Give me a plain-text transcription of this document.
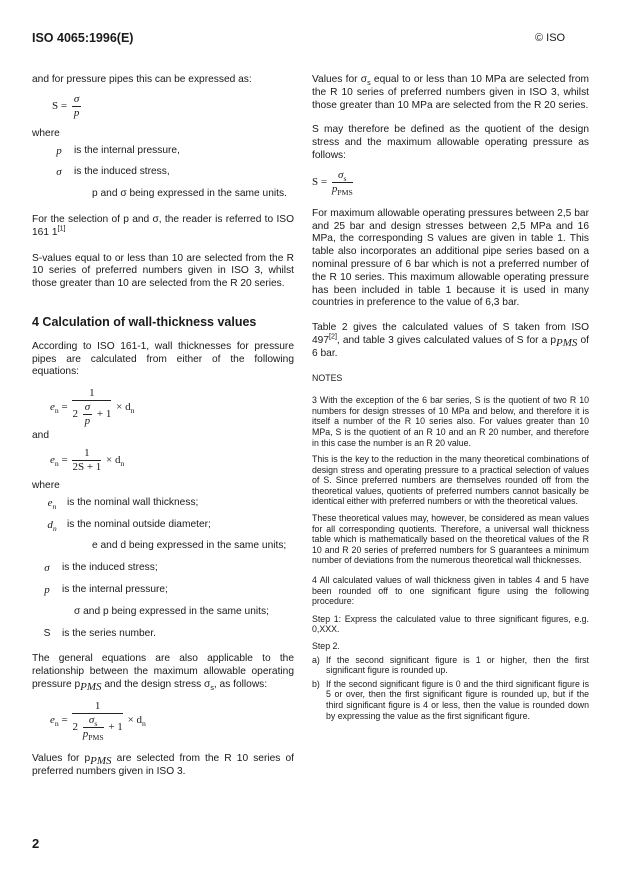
ISO 4065:1996(E)	© ISO

and for pressure pipes this can be expressed as:

$S = \frac{\sigma}{p}$

where

p	is the internal pressure,
σ	is the induced stress,

p and σ being expressed in the same units.

For the selection of p and σ, the reader is referred to ISO 161 1[1]

S-values equal to or less than 10 are selected from the R 10 series of preferred numbers given in ISO 3, whilst those greater than 10 are selected from the R 20 series.

4 Calculation of wall-thickness values

According to ISO 161-1, wall thicknesses for pressure pipes are calculated from either of the following equations:

$e_n = \frac{1}{2 \frac{\sigma}{p} + 1} \times d_n$

and

$e_n = \frac{1}{2S + 1} \times d_n$

where

$e_n$	is the nominal wall thickness;
$d_n$	is the nominal outside diameter;

e and d being expressed in the same units;

σ	is the induced stress;
p	is the internal pressure;

σ and p being expressed in the same units;

S	is the series number.

The general equations are also applicable to the relationship between the maximum allowable operating pressure $p_{PMS}$ and the design stress $\sigma_s$, as follows:

$e_n = \frac{1}{2 \frac{\sigma_s}{p_{PMS}} + 1} \times d_n$

Values for $p_{PMS}$ are selected from the R 10 series of preferred numbers given in ISO 3.

Values for $\sigma_s$ equal to or less than 10 MPa are selected from the R 10 series of preferred numbers given in ISO 3, whilst those greater than 10 MPa are selected from the R 20 series.

S may therefore be defined as the quotient of the design stress and the maximum allowable operating pressure as follows:

$S = \frac{\sigma_s}{p_{PMS}}$

For maximum allowable operating pressures between 2,5 bar and 25 bar and design stresses between 2,5 MPa and 16 MPa, the corresponding S values are given in table 1. This table also incorporates an additional pipe series based on a nominal pressure of 6 bar which is not a preferred number of the R 10 series. This maximum allowable operating pressure has been included in table 1 because it is used in many countries in preference to the value of 6,3 bar.

Table 2 gives the calculated values of S taken from ISO 497[2], and table 3 gives calculated values of S for a $p_{PMS}$ of 6 bar.

NOTES

3 With the exception of the 6 bar series, S is the quotient of two R 10 numbers for design stresses of 10 MPa and below, and therefore it is itself a number of the R 10 series also. For values greater than 10 MPa, S is the quotient of an R 10 and an R 20 number, and therefore in this case the number is an R 20 value.

This is the key to the reduction in the many theoretical combinations of design stress and operating pressure to a practical selection of values of S. Since preferred numbers are themselves rounded off from the theoretical values, quotients of preferred numbers cannot basically be identical either with preferred numbers or with the theoretical values.

These theoretical values may, however, be considered as mean values for all corresponding quotients. Therefore, a universal wall thickness table which is mathematically based on the theoretical values of the R 10 and R 20 series of preferred numbers for S guarantees a minimum number of deviations from the numerous theoretical wall thicknesses.

4 All calculated values of wall thickness given in tables 4 and 5 have been rounded off to one significant figure using the following procedure:

Step 1: Express the calculated value to three significant figures, e.g. 0,XXX.

Step 2.

a) If the second significant figure is 1 or higher, then the first significant figure is rounded up.
b) If the second significant figure is 0 and the third significant figure is 5 or over, then the first significant figure is rounded up, but if the third significant figure is 4 or less, then the value is rounded down by expressing the value as the first significant figure.
2
